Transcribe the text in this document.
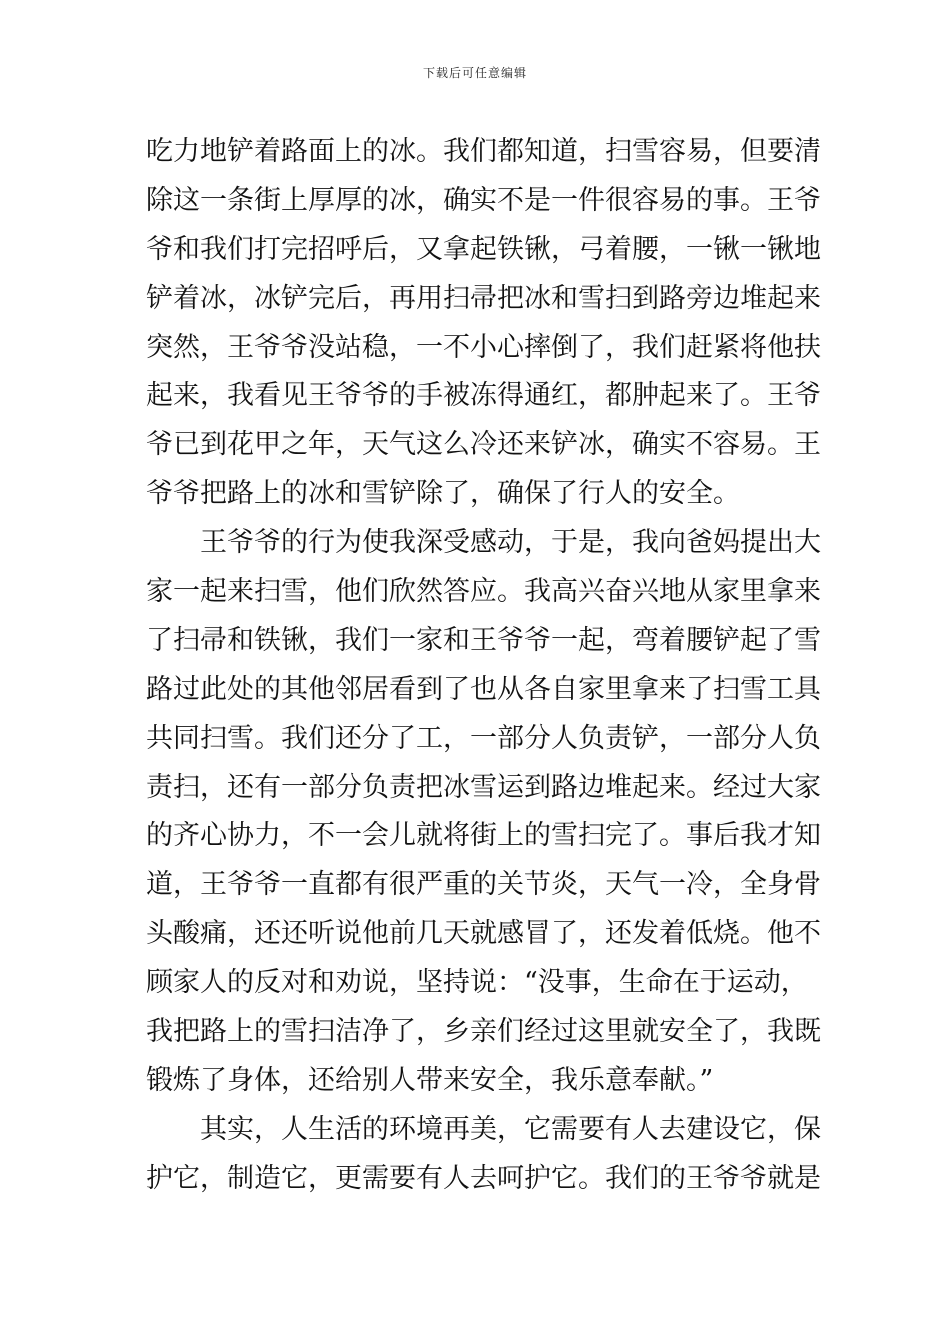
下载后可任意编辑
吃力地铲着路面上的冰。我们都知道，扫雪容易，但要清
除这一条街上厚厚的冰，确实不是一件很容易的事。王爷
爷和我们打完招呼后，又拿起铁锹，弓着腰，一锹一锹地
铲着冰，冰铲完后，再用扫帚把冰和雪扫到路旁边堆起来
突然，王爷爷没站稳，一不小心摔倒了，我们赶紧将他扶
起来，我看见王爷爷的手被冻得通红，都肿起来了。王爷
爷已到花甲之年，天气这么冷还来铲冰，确实不容易。王
爷爷把路上的冰和雪铲除了，确保了行人的安全。
王爷爷的行为使我深受感动，于是，我向爸妈提出大
家一起来扫雪，他们欣然答应。我高兴奋兴地从家里拿来
了扫帚和铁锹，我们一家和王爷爷一起，弯着腰铲起了雪
路过此处的其他邻居看到了也从各自家里拿来了扫雪工具
共同扫雪。我们还分了工，一部分人负责铲，一部分人负
责扫，还有一部分负责把冰雪运到路边堆起来。经过大家
的齐心协力，不一会儿就将街上的雪扫完了。事后我才知
道，王爷爷一直都有很严重的关节炎，天气一冷，全身骨
头酸痛，还还听说他前几天就感冒了，还发着低烧。他不
顾家人的反对和劝说，坚持说：“没事，生命在于运动，
我把路上的雪扫洁净了，乡亲们经过这里就安全了，我既
锻炼了身体，还给别人带来安全，我乐意奉献。”
其实，人生活的环境再美，它需要有人去建设它，保
护它，制造它，更需要有人去呵护它。我们的王爷爷就是
